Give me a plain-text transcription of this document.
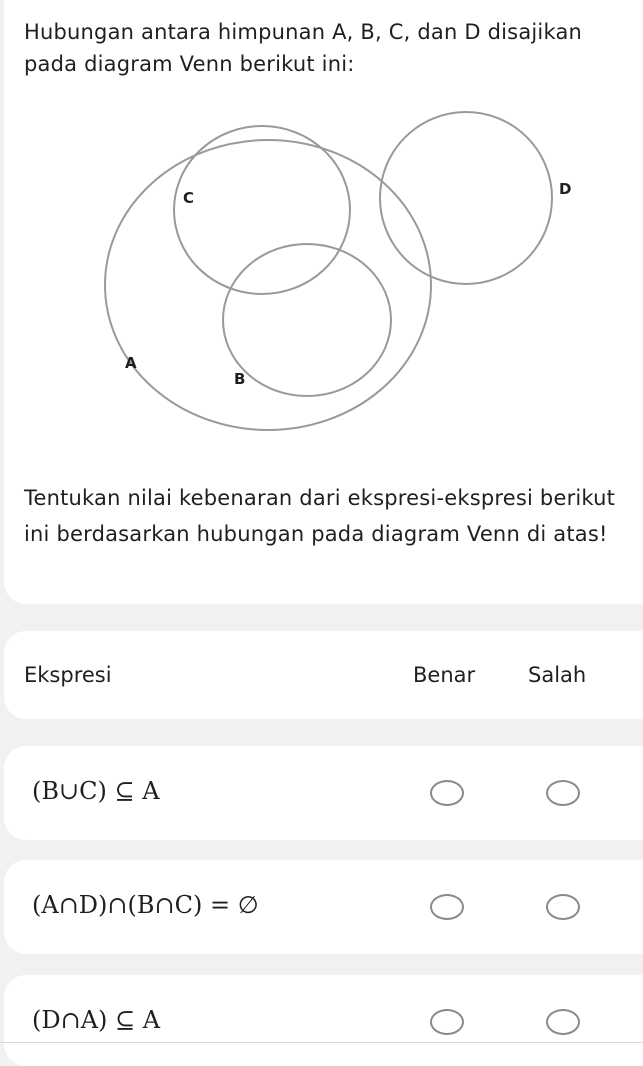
Hubungan antara himpunan A, B, C, dan D disajikan pada diagram Venn berikut ini:

C	D
A
B

Tentukan nilai kebenaran dari ekspresi-ekspresi berikut ini berdasarkan hubungan pada diagram Venn di atas!

Ekspresi	Benar	Salah
(B∪C) ⊆ A
(A∩D)∩(B∩C) = ∅
(D∩A) ⊆ A
